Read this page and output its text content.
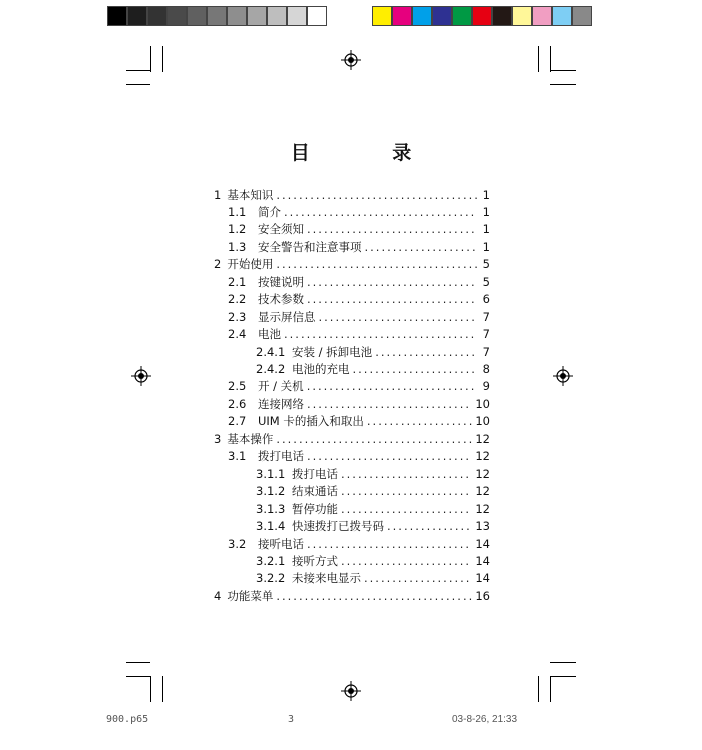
目 录
1 基本知识 .....	1
1.1	简介 .....	1
1.2	安全须知 .....	1
1.3	安全警告和注意事项 .....	1
2 开始使用 .....	5
2.1	按键说明 .....	5
2.2	技术参数 .....	6
2.3	显示屏信息 .....	7
2.4	电池 .....	7
2.4.1 安装 / 拆卸电池 .....	7
2.4.2 电池的充电 .....	8
2.5	开 / 关机 .....	9
2.6	连接网络 .....	10
2.7	UIM 卡的插入和取出 .....	10
3 基本操作 .....	12
3.1	拨打电话 .....	12
3.1.1 拨打电话 .....	12
3.1.2 结束通话 .....	12
3.1.3 暂停功能 .....	12
3.1.4 快速拨打已拨号码 .....	13
3.2	接听电话 .....	14
3.2.1 接听方式 .....	14
3.2.2 未接来电显示 .....	14
4 功能菜单 .....	16
900.p65	3	03-8-26, 21:33
